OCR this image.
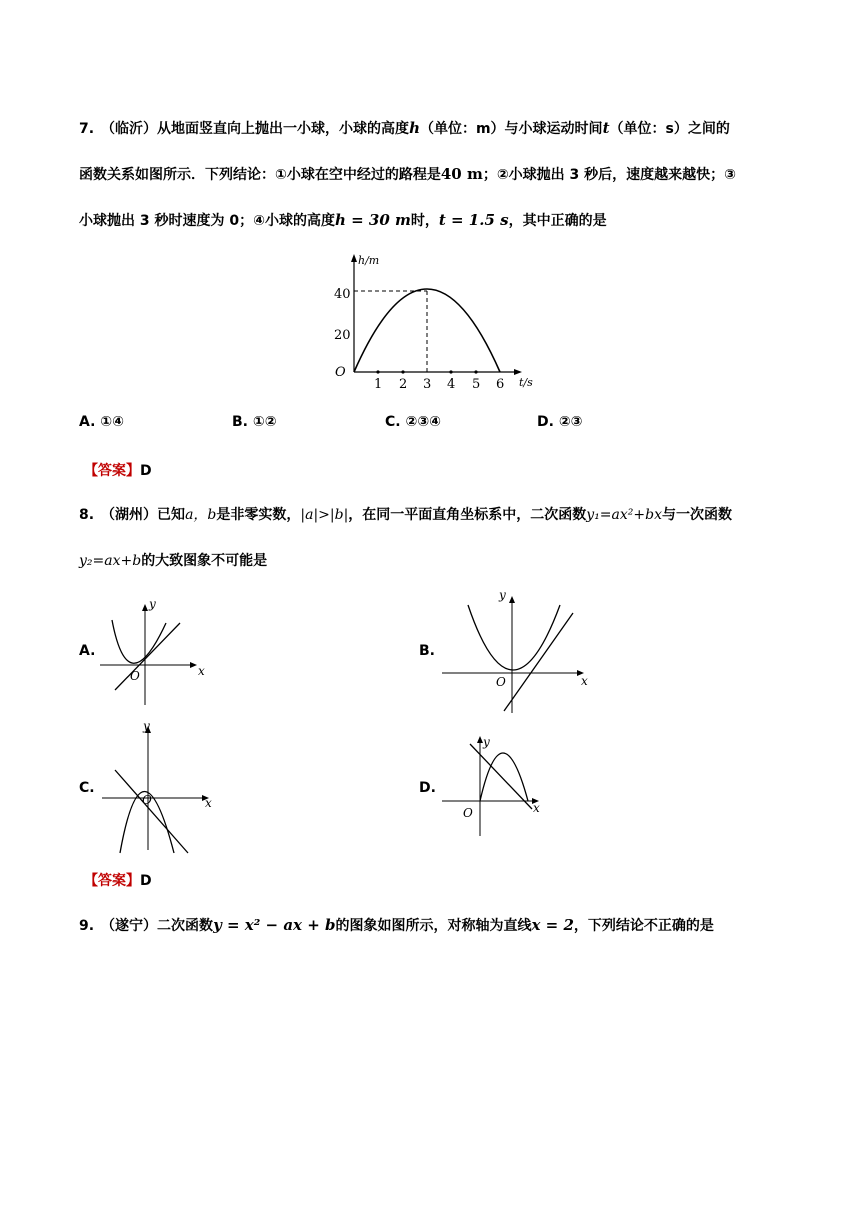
7.　（临沂）从地面竖直向上抛出一小球，小球的高度h（单位：m）与小球运动时间t（单位：s）之间的
函数关系如图所示．下列结论：①小球在空中经过的路程是40 m；②小球抛出 3 秒后，速度越来越快；③
小球抛出 3 秒时速度为 0；④小球的高度h = 30 m时，t = 1.5 s，其中正确的是
h/m
t/s
O
40
20
1 2 3 4 5 6
A. ①④	B. ①②	C. ②③④	D. ②③
【答案】D
8.　（湖州）已知a，b是非零实数，|a|>|b|，在同一平面直角坐标系中，二次函数y₁=ax²+bx与一次函数
y₂=ax+b的大致图象不可能是
A.	B.
C.	D.
y
x
O
y
x
O
y
x
O
y
x
O
【答案】D
9.　（遂宁）二次函数y = x² − ax + b的图象如图所示，对称轴为直线x = 2，下列结论不正确的是
